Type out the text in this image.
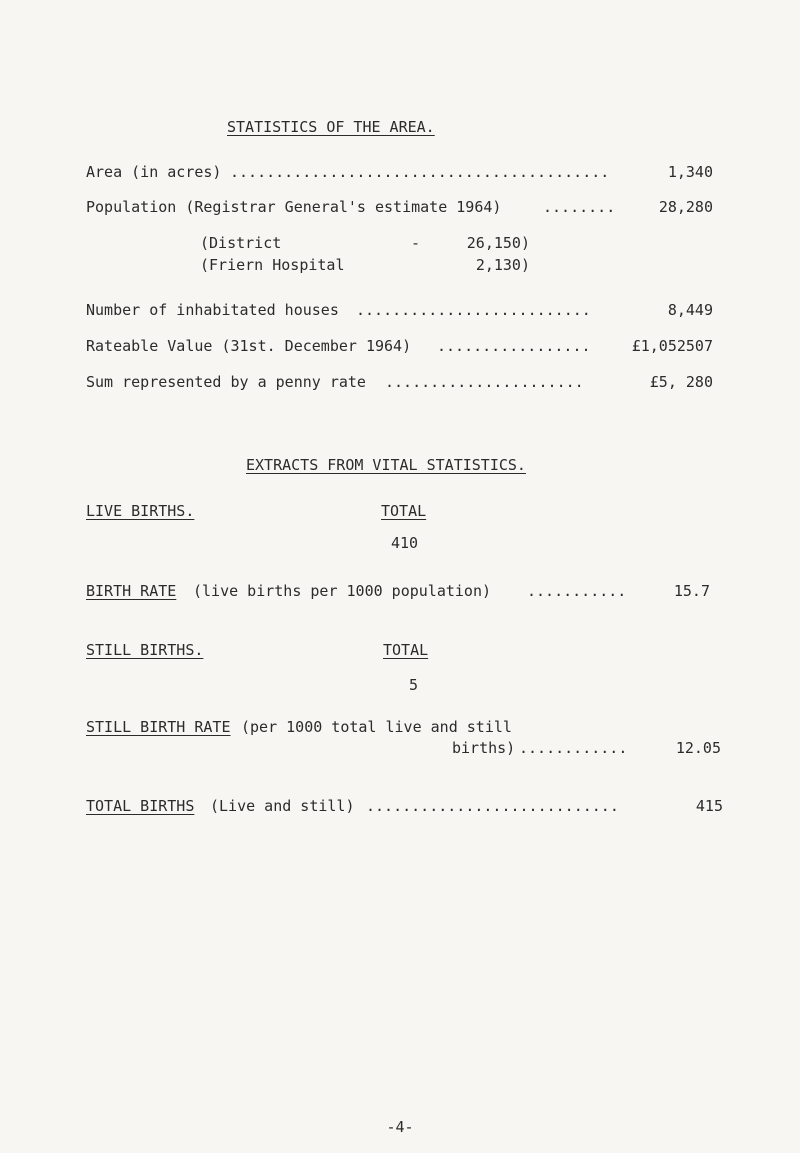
STATISTICS OF THE AREA.
Area (in acres) ..........................................	1,340
Population (Registrar General's estimate 1964)	........	28,280
(District	-	26,150)
(Friern Hospital	2,130)
Number of inhabitated houses ..........................	8,449
Rateable Value (31st. December 1964) .................	£1,052507
Sum represented by a penny rate ......................	£5, 280
EXTRACTS FROM VITAL STATISTICS.
LIVE BIRTHS.	TOTAL
410
BIRTH RATE (live births per 1000 population) ...........	15.7
STILL BIRTHS.	TOTAL
5
STILL BIRTH RATE (per 1000 total live and still
births) ............	12.05
TOTAL BIRTHS (Live and still) ............................	415
-4-
